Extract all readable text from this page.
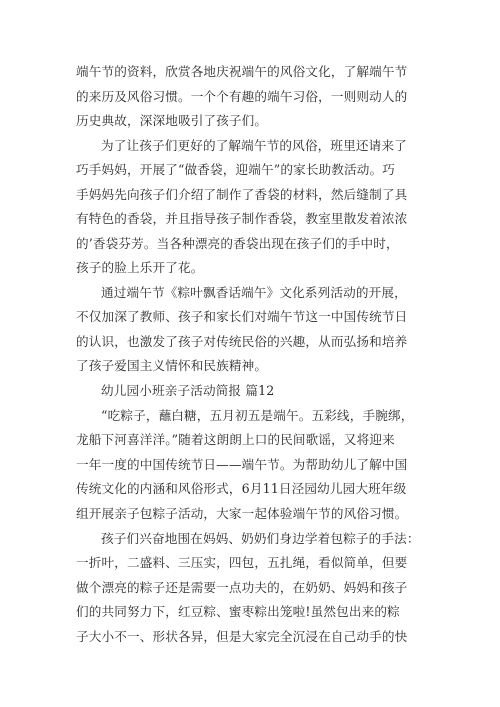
端午节的资料，欣赏各地庆祝端午的风俗文化，了解端午节
的来历及风俗习惯。一个个有趣的端午习俗，一则则动人的
历史典故，深深地吸引了孩子们。
为了让孩子们更好的了解端午节的风俗，班里还请来了
巧手妈妈，开展了“做香袋，迎端午”的家长助教活动。巧
手妈妈先向孩子们介绍了制作了香袋的材料，然后缝制了具
有特色的香袋，并且指导孩子制作香袋，教室里散发着浓浓
的’香袋芬芳。当各种漂亮的香袋出现在孩子们的手中时，
孩子的脸上乐开了花。
通过端午节《粽叶飘香话端午》文化系列活动的开展，
不仅加深了教师、孩子和家长们对端午节这一中国传统节日
的认识，也激发了孩子对传统民俗的兴趣，从而弘扬和培养
了孩子爱国主义情怀和民族精神。
幼儿园小班亲子活动简报 篇12
“吃粽子，蘸白糖，五月初五是端午。五彩线，手腕绑，
龙船下河喜洋洋。”随着这朗朗上口的民间歌谣，又将迎来
一年一度的中国传统节日——端午节。为帮助幼儿了解中国
传统文化的内涵和风俗形式，6月11日泾园幼儿园大班年级
组开展亲子包粽子活动，大家一起体验端午节的风俗习惯。
孩子们兴奋地围在妈妈、奶奶们身边学着包粽子的手法：
一折叶，二盛料、三压实，四包，五扎绳，看似简单，但要
做个漂亮的粽子还是需要一点功夫的，在奶奶、妈妈和孩子
们的共同努力下，红豆粽、蜜枣粽出笼啦!虽然包出来的粽
子大小不一、形状各异，但是大家完全沉浸在自己动手的快
